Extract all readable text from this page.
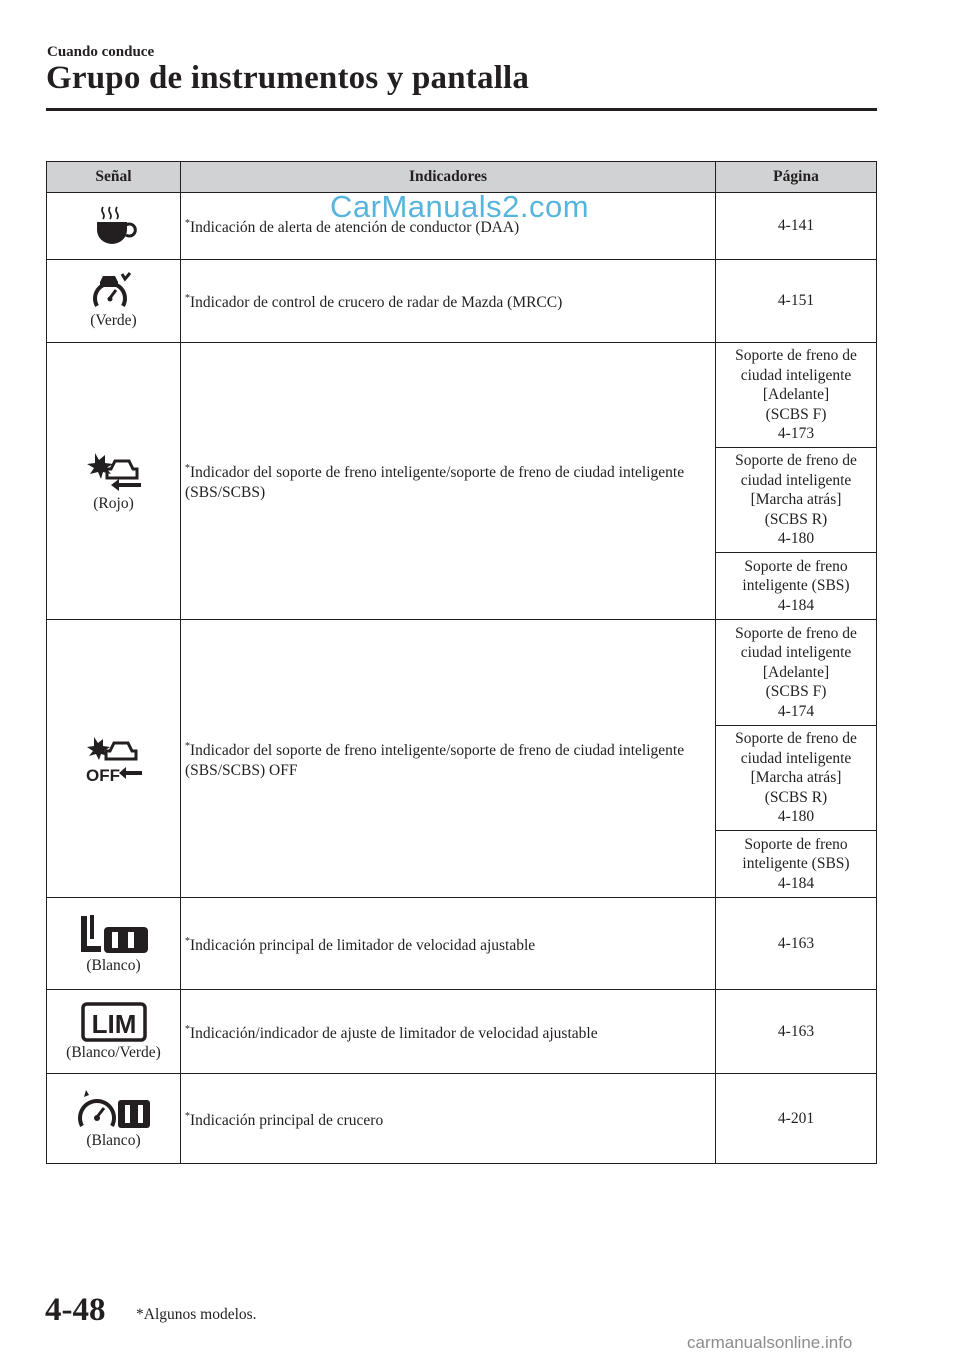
Cuando conduce
Grupo de instrumentos y pantalla
Señal	Indicadores	Página

	*Indicación de alerta de atención de conductor (DAA)	4-141

(Verde)	*Indicador de control de crucero de radar de Mazda (MRCC)	4-151

(Rojo)	*Indicador del soporte de freno inteligente/soporte de freno de ciudad inteligente (SBS/SCBS)	Soporte de freno de
ciudad inteligente
[Adelante]
(SCBS F)
4-173
		Soporte de freno de
ciudad inteligente
[Marcha atrás]
(SCBS R)
4-180
		Soporte de freno
inteligente (SBS)
4-184

OFF	*Indicador del soporte de freno inteligente/soporte de freno de ciudad inteligente (SBS/SCBS) OFF	Soporte de freno de
ciudad inteligente
[Adelante]
(SCBS F)
4-174
		Soporte de freno de
ciudad inteligente
[Marcha atrás]
(SCBS R)
4-180
		Soporte de freno
inteligente (SBS)
4-184

(Blanco)	*Indicación principal de limitador de velocidad ajustable	4-163

LIM
(Blanco/Verde)	*Indicación/indicador de ajuste de limitador de velocidad ajustable	4-163

(Blanco)	*Indicación principal de crucero	4-201
CarManuals2.com
4-48 *Algunos modelos.
carmanualsonline.info
